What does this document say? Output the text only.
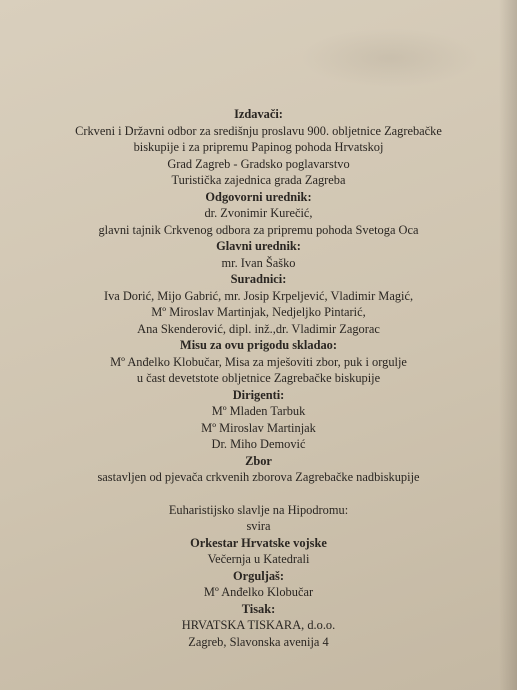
Izdavači:
Crkveni i Državni odbor za središnju proslavu 900. obljetnice Zagrebačke
biskupije i za pripremu Papinog pohoda Hrvatskoj
Grad Zagreb - Gradsko poglavarstvo
Turistička zajednica grada Zagreba
Odgovorni urednik:
dr. Zvonimir Kurečić,
glavni tajnik Crkvenog odbora za pripremu pohoda Svetoga Oca
Glavni urednik:
mr. Ivan Šaško
Suradnici:
Iva Dorić, Mijo Gabrić, mr. Josip Krpeljević, Vladimir Magić,
Mº Miroslav Martinjak, Nedjeljko Pintarić,
Ana Skenderović, dipl. inž.,dr. Vladimir Zagorac
Misu za ovu prigodu skladao:
Mº Anđelko Klobučar, Misa za mješoviti zbor, puk i orgulje
u čast devetstote obljetnice Zagrebačke biskupije
Dirigenti:
Mº Mladen Tarbuk
Mº Miroslav Martinjak
Dr. Miho Demović
Zbor
sastavljen od pjevača crkvenih zborova Zagrebačke nadbiskupije
Euharistijsko slavlje na Hipodromu:
svira
Orkestar Hrvatske vojske
Večernja u Katedrali
Orguljaš:
Mº Anđelko Klobučar
Tisak:
HRVATSKA TISKARA, d.o.o.
Zagreb, Slavonska avenija 4
